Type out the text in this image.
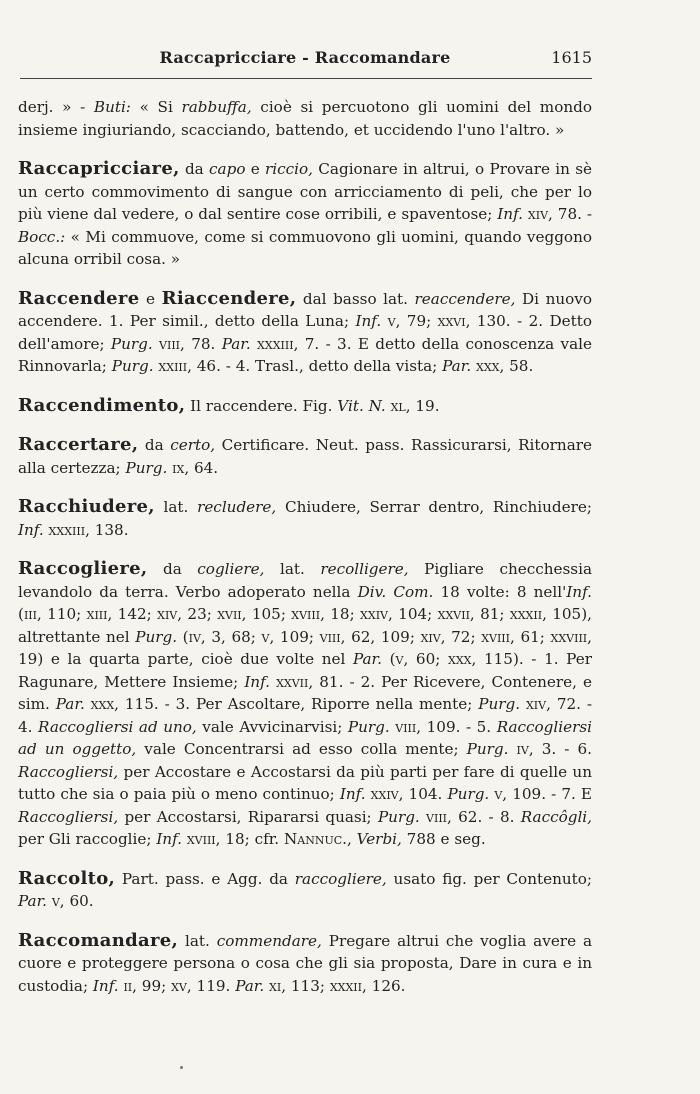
Raccapricciare - Raccomandare	1615

derj. » - Buti: « Si rabbuffa, cioè si percuotono gli uomini del mondo insieme ingiuriando, scacciando, battendo, et uccidendo l'uno l'altro. »

Raccapricciare, da capo e riccio, Cagionare in altrui, o Provare in sè un certo commovimento di sangue con arricciamento di peli, che per lo più viene dal vedere, o dal sentire cose orribili, e spaventose; Inf. xiv, 78. - Bocc.: « Mi commuove, come si commuovono gli uomini, quando veggono alcuna orribil cosa. »

Raccendere e Riaccendere, dal basso lat. reaccendere, Di nuovo accendere. 1. Per simil., detto della Luna; Inf. v, 79; xxvi, 130. - 2. Detto dell'amore; Purg. viii, 78. Par. xxxiii, 7. - 3. E detto della conoscenza vale Rinnovarla; Purg. xxiii, 46. - 4. Trasl., detto della vista; Par. xxx, 58.

Raccendimento, Il raccendere. Fig. Vit. N. xl, 19.

Raccertare, da certo, Certificare. Neut. pass. Rassicurarsi, Ritornare alla certezza; Purg. ix, 64.

Racchiudere, lat. recludere, Chiudere, Serrar dentro, Rinchiudere; Inf. xxxiii, 138.

Raccogliere, da cogliere, lat. recolligere, Pigliare checchessia levandolo da terra. Verbo adoperato nella Div. Com. 18 volte: 8 nell'Inf. (iii, 110; xiii, 142; xiv, 23; xvii, 105; xviii, 18; xxiv, 104; xxvii, 81; xxxii, 105), altrettante nel Purg. (iv, 3, 68; v, 109; viii, 62, 109; xiv, 72; xviii, 61; xxviii, 19) e la quarta parte, cioè due volte nel Par. (v, 60; xxx, 115). - 1. Per Ragunare, Mettere Insieme; Inf. xxvii, 81. - 2. Per Ricevere, Contenere, e sim. Par. xxx, 115. - 3. Per Ascoltare, Riporre nella mente; Purg. xiv, 72. - 4. Raccogliersi ad uno, vale Avvicinarvisi; Purg. viii, 109. - 5. Raccogliersi ad un oggetto, vale Concentrarsi ad esso colla mente; Purg. iv, 3. - 6. Raccogliersi, per Accostare e Accostarsi da più parti per fare di quelle un tutto che sia o paia più o meno continuo; Inf. xxiv, 104. Purg. v, 109. - 7. E Raccogliersi, per Accostarsi, Ripararsi quasi; Purg. viii, 62. - 8. Raccôgli, per Gli raccoglie; Inf. xviii, 18; cfr. Nannuc., Verbi, 788 e seg.

Raccolto, Part. pass. e Agg. da raccogliere, usato fig. per Contenuto; Par. v, 60.

Raccomandare, lat. commendare, Pregare altrui che voglia avere a cuore e proteggere persona o cosa che gli sia proposta, Dare in cura e in custodia; Inf. ii, 99; xv, 119. Par. xi, 113; xxxii, 126.
